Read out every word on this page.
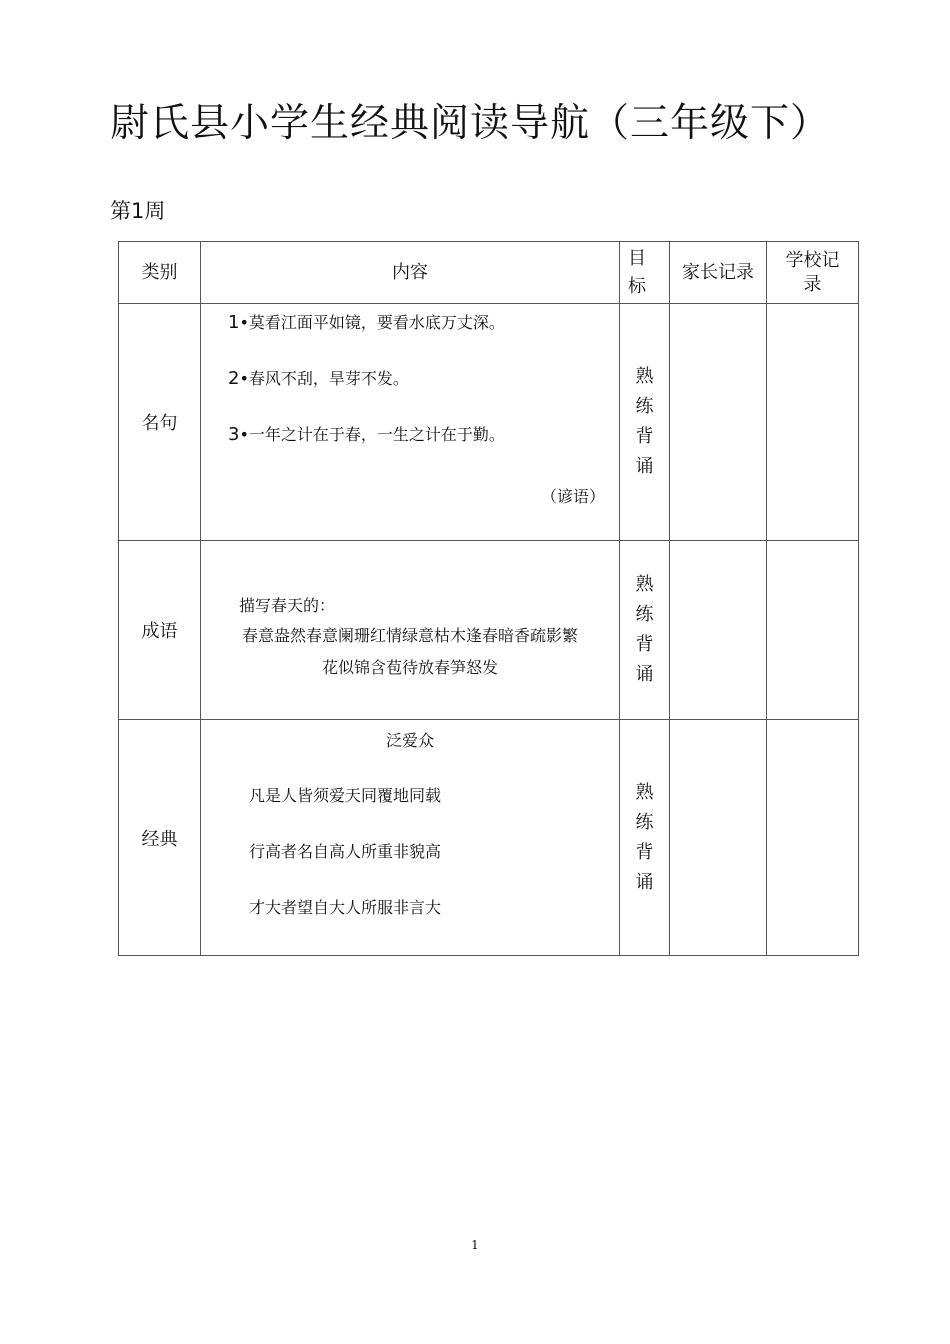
尉氏县小学生经典阅读导航（三年级下）
第1周
类别	内容	目标	家长记录	学校记录
名句	1•莫看江面平如镜，要看水底万丈深。
2•春风不刮，旱芽不发。
3•一年之计在于春，一生之计在于勤。
（谚语）	熟练背诵		
成语	描写春天的：
春意盎然春意阑珊红情绿意枯木逢春暗香疏影繁
花似锦含苞待放春笋怒发	熟练背诵		
经典	泛爱众
凡是人皆须爱天同覆地同载
行高者名自高人所重非貌高
才大者望自大人所服非言大	熟练背诵		
1
